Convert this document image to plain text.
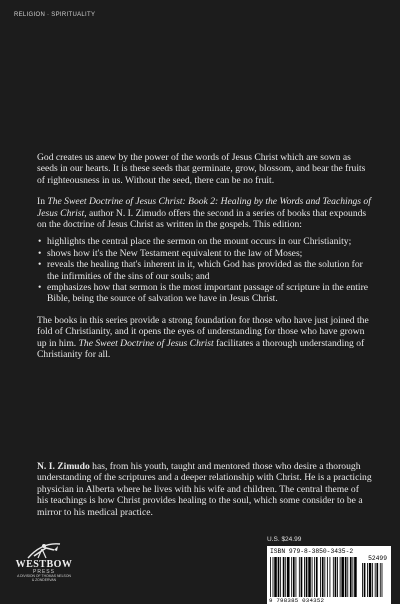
RELIGION · SPIRITUALITY

God creates us anew by the power of the words of Jesus Christ which are sown as seeds in our hearts. It is these seeds that germinate, grow, blossom, and bear the fruits of righteousness in us. Without the seed, there can be no fruit.

In The Sweet Doctrine of Jesus Christ: Book 2: Healing by the Words and Teachings of Jesus Christ, author N. I. Zimudo offers the second in a series of books that expounds on the doctrine of Jesus Christ as written in the gospels. This edition:

• highlights the central place the sermon on the mount occurs in our Christianity;
• shows how it's the New Testament equivalent to the law of Moses;
• reveals the healing that's inherent in it, which God has provided as the solution for the infirmities of the sins of our souls; and
• emphasizes how that sermon is the most important passage of scripture in the entire Bible, being the source of salvation we have in Jesus Christ.

The books in this series provide a strong foundation for those who have just joined the fold of Christianity, and it opens the eyes of understanding for those who have grown up in him. The Sweet Doctrine of Jesus Christ facilitates a thorough understanding of Christianity for all.

N. I. Zimudo has, from his youth, taught and mentored those who desire a thorough understanding of the scriptures and a deeper relationship with Christ. He is a practicing physician in Alberta where he lives with his wife and children. The central theme of his teachings is how Christ provides healing to the soul, which some consider to be a mirror to his medical practice.

WESTBOW
PRESS
A DIVISION OF THOMAS NELSON
& ZONDERVAN
U.S. $24.99
ISBN 979-8-3850-3435-2
52499
9 798385 034352
